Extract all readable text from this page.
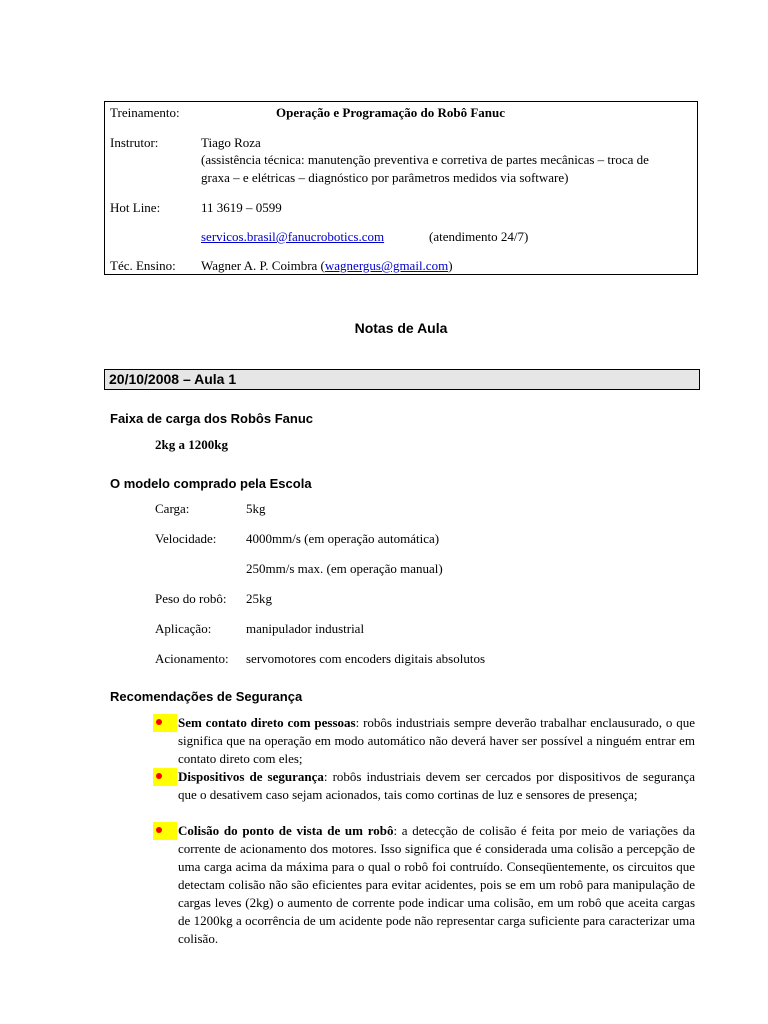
Treinamento:	Operação e Programação do Robô Fanuc
Instrutor:	Tiago Roza
(assistência técnica: manutenção preventiva e corretiva de partes mecânicas – troca de
graxa – e elétricas – diagnóstico por parâmetros medidos via software)
Hot Line:	11 3619 – 0599
servicos.brasil@fanucrobotics.com	(atendimento 24/7)
Téc. Ensino: Wagner A. P. Coimbra (wagnergus@gmail.com)
Notas de Aula
20/10/2008 – Aula 1
Faixa de carga dos Robôs Fanuc
2kg a 1200kg
O modelo comprado pela Escola
Carga:	5kg
Velocidade: 4000mm/s (em operação automática)
250mm/s max. (em operação manual)
Peso do robô: 25kg
Aplicação:	manipulador industrial
Acionamento: servomotores com encoders digitais absolutos
Recomendações de Segurança
Sem contato direto com pessoas: robôs industriais sempre deverão trabalhar enclausurado, o que significa que na operação em modo automático não deverá haver ser possível a ninguém entrar em contato direto com eles;
Dispositivos de segurança: robôs industriais devem ser cercados por dispositivos de segurança que o desativem caso sejam acionados, tais como cortinas de luz e sensores de presença;
Colisão do ponto de vista de um robô: a detecção de colisão é feita por meio de variações da corrente de acionamento dos motores. Isso significa que é considerada uma colisão a percepção de uma carga acima da máxima para o qual o robô foi contruído. Conseqüentemente, os circuitos que detectam colisão não são eficientes para evitar acidentes, pois se em um robô para manipulação de cargas leves (2kg) o aumento de corrente pode indicar uma colisão, em um robô que aceita cargas de 1200kg a ocorrência de um acidente pode não representar carga suficiente para caracterizar uma colisão.
